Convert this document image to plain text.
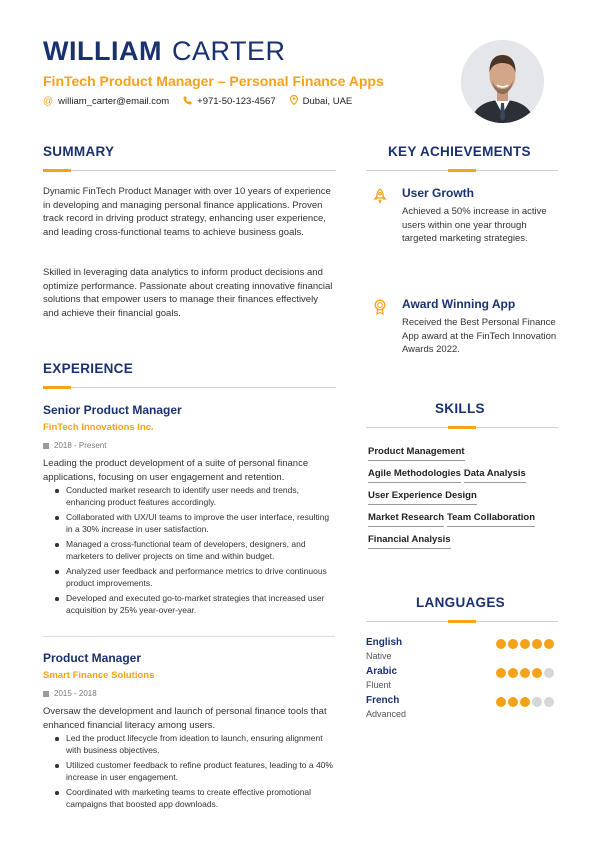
WILLIAM CARTER
FinTech Product Manager – Personal Finance Apps
@ william_carter@email.com	+971-50-123-4567	Dubai, UAE
SUMMARY

Dynamic FinTech Product Manager with over 10 years of experience in developing and managing personal finance applications. Proven track record in driving product strategy, enhancing user experience, and leading cross-functional teams to achieve business goals.

Skilled in leveraging data analytics to inform product decisions and optimize performance. Passionate about creating innovative financial solutions that empower users to manage their finances effectively and achieve their financial goals.

EXPERIENCE
Senior Product Manager
FinTech Innovations Inc.
2018 - Present

Leading the product development of a suite of personal finance applications, focusing on user engagement and retention.

Conducted market research to identify user needs and trends, enhancing product features accordingly.
Collaborated with UX/UI teams to improve the user interface, resulting in a 30% increase in user satisfaction.
Managed a cross-functional team of developers, designers, and marketers to deliver projects on time and within budget.
Analyzed user feedback and performance metrics to drive continuous product improvements.
Developed and executed go-to-market strategies that increased user acquisition by 25% year-over-year.
Product Manager
Smart Finance Solutions
2015 - 2018

Oversaw the development and launch of personal finance tools that enhanced financial literacy among users.

Led the product lifecycle from ideation to launch, ensuring alignment with business objectives.
Utilized customer feedback to refine product features, leading to a 40% increase in user engagement.
Coordinated with marketing teams to create effective promotional campaigns that boosted app downloads.
KEY ACHIEVEMENTS
User Growth

Achieved a 50% increase in active users within one year through targeted marketing strategies.

Award Winning App

Received the Best Personal Finance App award at the FinTech Innovation Awards 2022.

SKILLS
Product Management
Agile Methodologies Data Analysis
User Experience Design
Market Research Team Collaboration
Financial Analysis
LANGUAGES
English
Native
Arabic
Fluent
French
Advanced
